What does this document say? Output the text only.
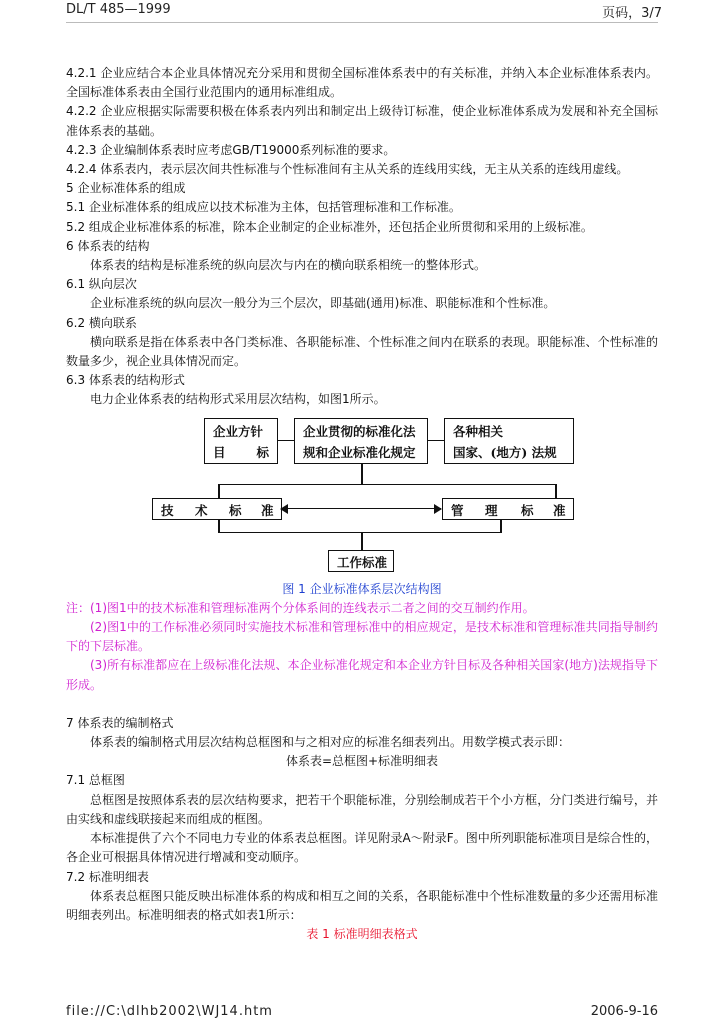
DL/T 485—1999	页码，3/7

4.2.1 企业应结合本企业具体情况充分采用和贯彻全国标准体系表中的有关标准，并纳入本企业标准体系表内。全国标准体系表由全国行业范围内的通用标准组成。

4.2.2 企业应根据实际需要积极在体系表内列出和制定出上级待订标准，使企业标准体系成为发展和补充全国标准体系表的基础。

4.2.3 企业编制体系表时应考虑GB/T19000系列标准的要求。

4.2.4 体系表内，表示层次间共性标准与个性标准间有主从关系的连线用实线，无主从关系的连线用虚线。

5 企业标准体系的组成

5.1 企业标准体系的组成应以技术标准为主体，包括管理标准和工作标准。

5.2 组成企业标准体系的标准，除本企业制定的企业标准外，还包括企业所贯彻和采用的上级标准。

6 体系表的结构

体系表的结构是标准系统的纵向层次与内在的横向联系相统一的整体形式。

6.1 纵向层次

企业标准系统的纵向层次一般分为三个层次，即基础(通用)标准、职能标准和个性标准。

6.2 横向联系

横向联系是指在体系表中各门类标准、各职能标准、个性标准之间内在联系的表现。职能标准、个性标准的数量多少，视企业具体情况而定。

6.3 体系表的结构形式

电力企业体系表的结构形式采用层次结构，如图1所示。

企业方针
目 标
企业贯彻的标准化法
规和企业标准化规定
各种相关
国家、(地方) 法规
技 术 标 准	管 理 标 准
工作标准

图 1 企业标准体系层次结构图

注：(1)图1中的技术标准和管理标准两个分体系间的连线表示二者之间的交互制约作用。

(2)图1中的工作标准必须同时实施技术标准和管理标准中的相应规定，是技术标准和管理标准共同指导制约下的下层标准。

(3)所有标准都应在上级标准化法规、本企业标准化规定和本企业方针目标及各种相关国家(地方)法规指导下形成。

7 体系表的编制格式

体系表的编制格式用层次结构总框图和与之相对应的标准名细表列出。用数学模式表示即：

体系表=总框图+标准明细表

7.1 总框图

总框图是按照体系表的层次结构要求，把若干个职能标准，分别绘制成若干个小方框，分门类进行编号，并由实线和虚线联接起来而组成的框图。

本标准提供了六个不同电力专业的体系表总框图。详见附录A～附录F。图中所列职能标准项目是综合性的，各企业可根据具体情况进行增减和变动顺序。

7.2 标准明细表

体系表总框图只能反映出标准体系的构成和相互之间的关系，各职能标准中个性标准数量的多少还需用标准明细表列出。标准明细表的格式如表1所示：

表 1 标准明细表格式

file://C:\dlhb2002\WJ14.htm	2006-9-16
